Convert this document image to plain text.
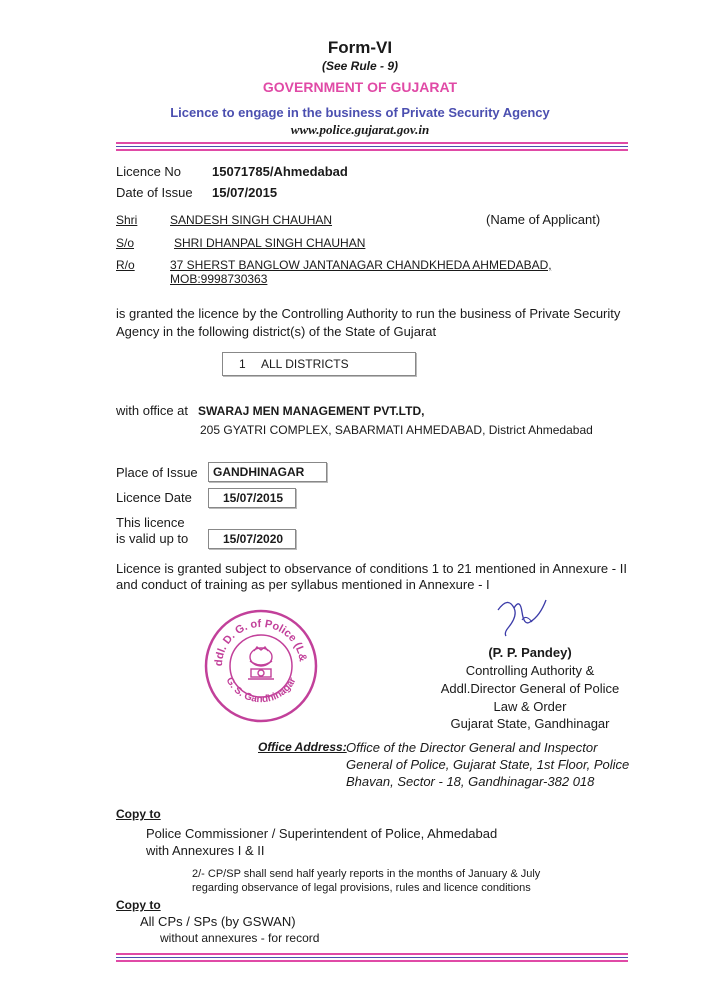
Form-VI
(See Rule - 9)
GOVERNMENT OF GUJARAT
Licence to engage in the business of Private Security Agency
www.police.gujarat.gov.in
Licence No 15071785/Ahmedabad
Date of Issue 15/07/2015
Shri	SANDESH SINGH CHAUHAN	(Name of Applicant)
S/o	SHRI DHANPAL SINGH CHAUHAN
R/o	37 SHERST BANGLOW JANTANAGAR CHANDKHEDA AHMEDABAD,
MOB:9998730363
is granted the licence by the Controlling Authority to run the business of Private Security
Agency in the following district(s) of the State of Gujarat
1 ALL DISTRICTS
with office at SWARAJ MEN MANAGEMENT PVT.LTD,
205 GYATRI COMPLEX, SABARMATI AHMEDABAD, District Ahmedabad
Place of Issue GANDHINAGAR
Licence Date	15/07/2015
This licence
is valid up to	15/07/2020
Licence is granted subject to observance of conditions 1 to 21 mentioned in Annexure - II
and conduct of training as per syllabus mentioned in Annexure - I
ddl. D. G. of Police (L&
G. S. Gandhinagar
(P. P. Pandey)
Controlling Authority &
Addl.Director General of Police
Law & Order
Gujarat State, Gandhinagar
Office Address: Office of the Director General and Inspector
General of Police, Gujarat State, 1st Floor, Police
Bhavan, Sector - 18, Gandhinagar-382 018
Copy to
Police Commissioner / Superintendent of Police, Ahmedabad
with Annexures I & II
2/- CP/SP shall send half yearly reports in the months of January & July
regarding observance of legal provisions, rules and licence conditions
Copy to
All CPs / SPs (by GSWAN)
without annexures - for record
